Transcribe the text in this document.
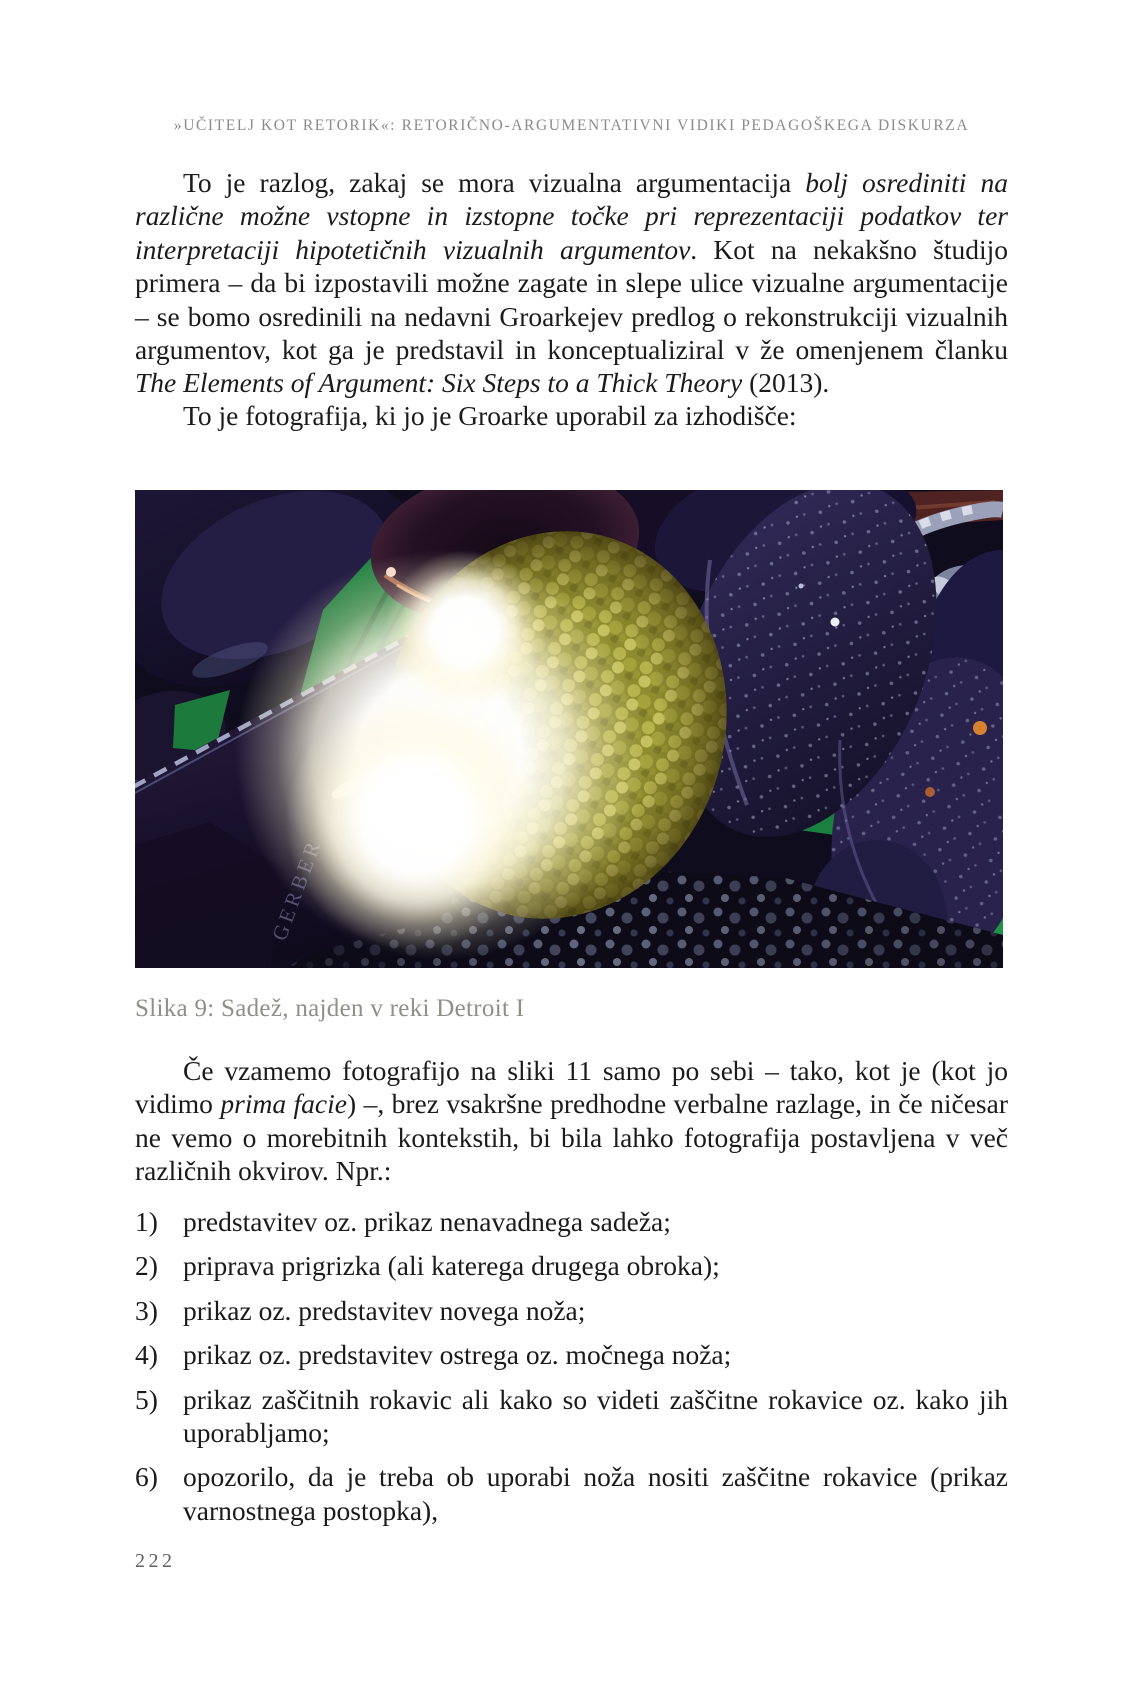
»UČITELJ KOT RETORIK«: RETORIČNO-ARGUMENTATIVNI VIDIKI PEDAGOŠKEGA DISKURZA
To je razlog, zakaj se mora vizualna argumentacija bolj osrediniti na različne možne vstopne in izstopne točke pri reprezentaciji podatkov ter interpretaciji hipotetičnih vizualnih argumentov. Kot na nekakšno študijo primera – da bi izpostavili možne zagate in slepe ulice vizualne argumentacije – se bomo osredinili na nedavni Groarkejev predlog o rekonstrukciji vizualnih argumentov, kot ga je predstavil in konceptualiziral v že omenjenem članku The Elements of Argument: Six Steps to a Thick Theory (2013).
To je fotografija, ki jo je Groarke uporabil za izhodišče:
Slika 9: Sadež, najden v reki Detroit I
Če vzamemo fotografijo na sliki 11 samo po sebi – tako, kot je (kot jo vidimo prima facie) –, brez vsakršne predhodne verbalne razlage, in če ničesar ne vemo o morebitnih kontekstih, bi bila lahko fotografija postavljena v več različnih okvirov. Npr.:
1) predstavitev oz. prikaz nenavadnega sadeža;
2) priprava prigrizka (ali katerega drugega obroka);
3) prikaz oz. predstavitev novega noža;
4) prikaz oz. predstavitev ostrega oz. močnega noža;
5) prikaz zaščitnih rokavic ali kako so videti zaščitne rokavice oz. kako jih uporabljamo;
6) opozorilo, da je treba ob uporabi noža nositi zaščitne rokavice (prikaz varnostnega postopka),
222
